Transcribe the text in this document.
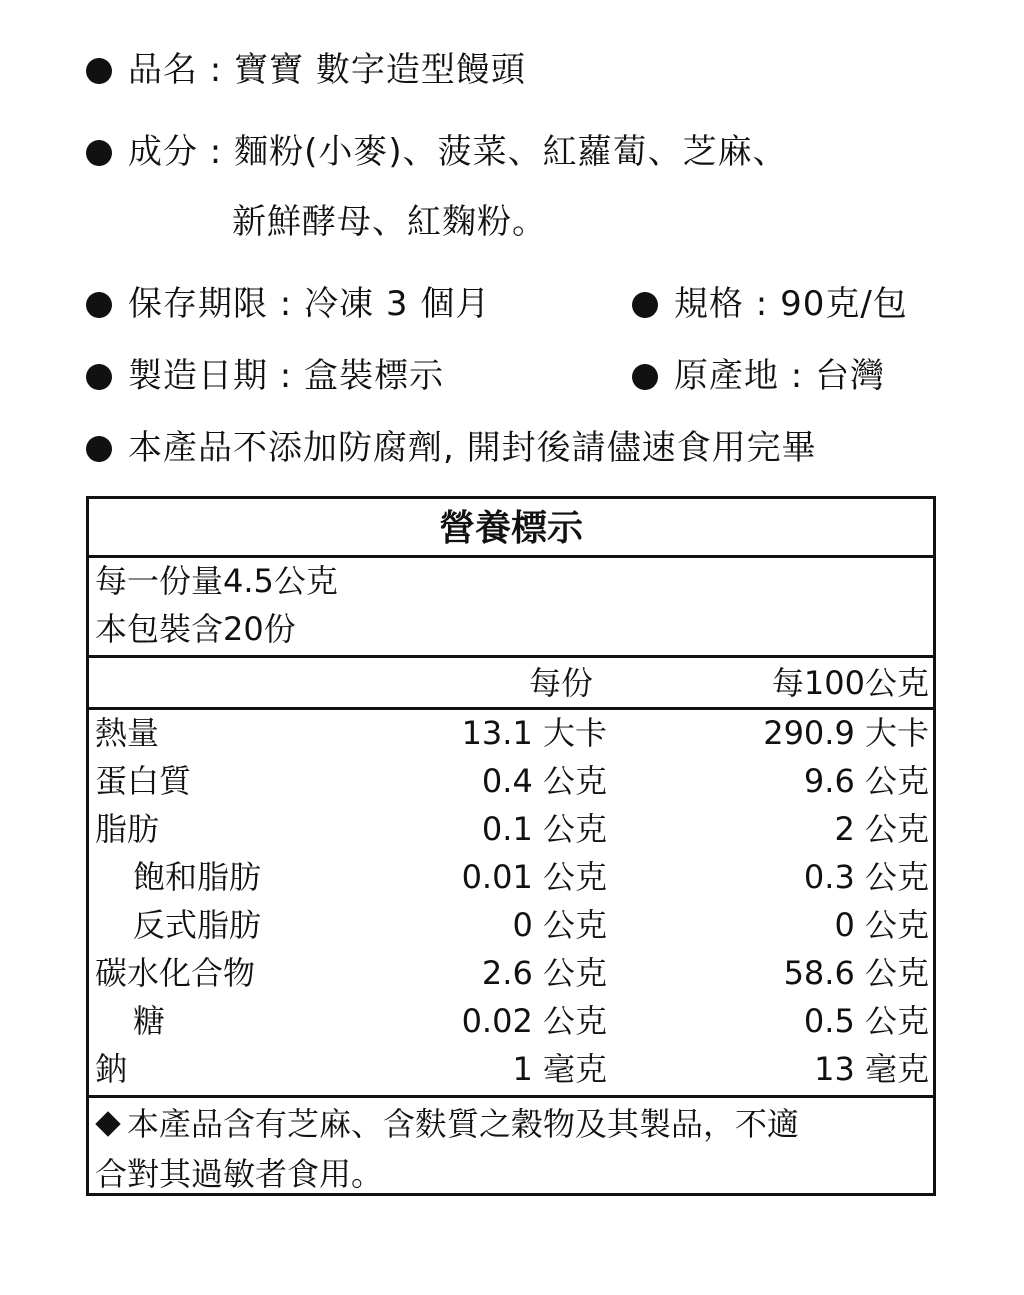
品名 : 寶寶 數字造型饅頭
成分 : 麵粉(小麥)、菠菜、紅蘿蔔、芝麻、
新鮮酵母、紅麴粉。
保存期限 : 冷凍 3 個月	規格 : 90克/包
製造日期 : 盒裝標示	原產地 : 台灣
本產品不添加防腐劑, 開封後請儘速食用完畢
營養標示
每一份量4.5公克
本包裝含20份
每份	每100公克
熱量	13.1 大卡	290.9 大卡
蛋白質	0.4 公克	9.6 公克
脂肪	0.1 公克	2 公克
飽和脂肪	0.01 公克	0.3 公克
反式脂肪	0 公克	0 公克
碳水化合物	2.6 公克	58.6 公克
糖	0.02 公克	0.5 公克
鈉	1 毫克	13 毫克
本產品含有芝麻、含麩質之穀物及其製品，不適
合對其過敏者食用。
